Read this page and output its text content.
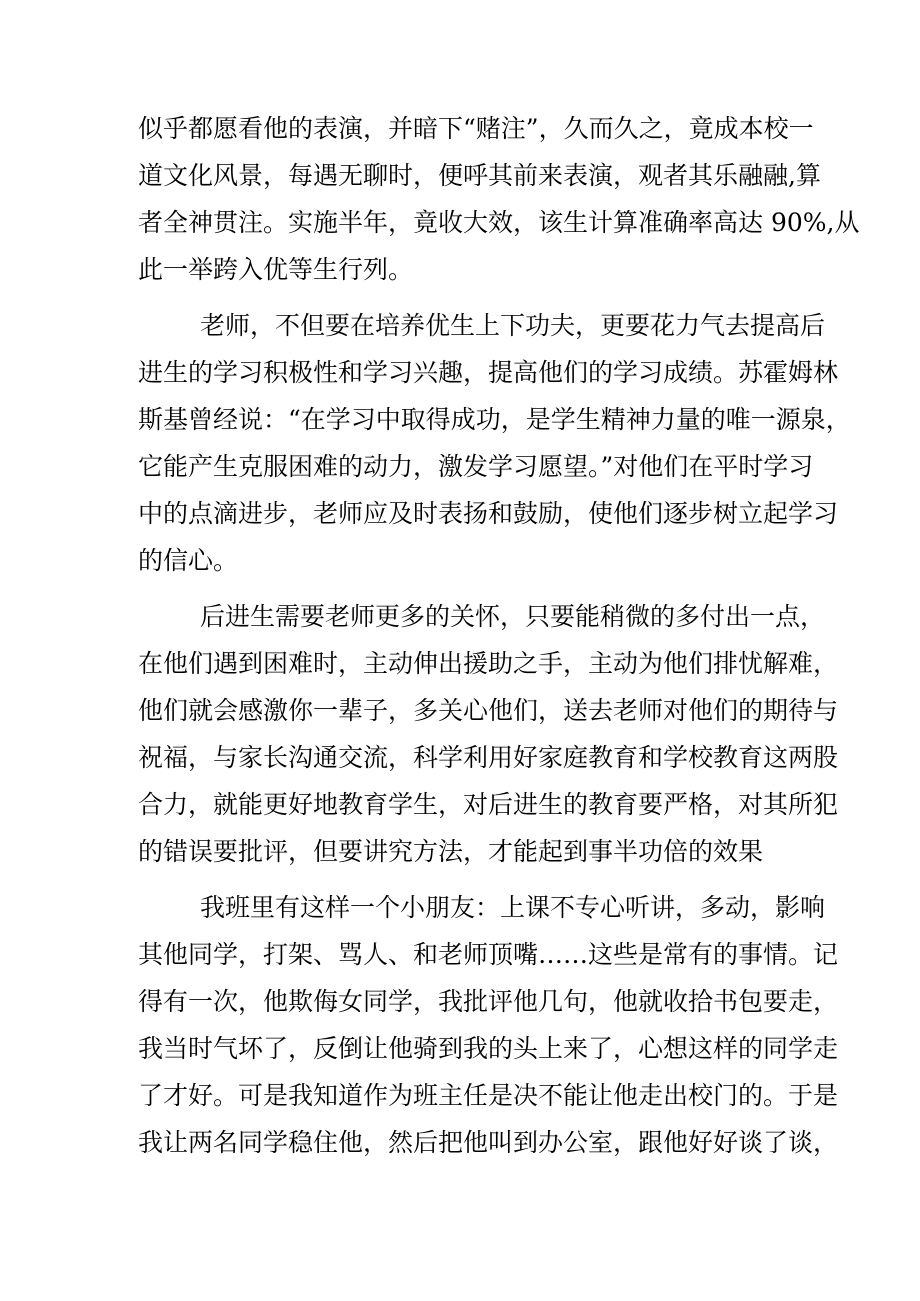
似乎都愿看他的表演，并暗下“赌注”，久而久之，竟成本校一
道文化风景，每遇无聊时，便呼其前来表演，观者其乐融融,算
者全神贯注。实施半年，竟收大效，该生计算准确率高达 90%,从
此一举跨入优等生行列。
老师，不但要在培养优生上下功夫，更要花力气去提高后
进生的学习积极性和学习兴趣，提高他们的学习成绩。苏霍姆林
斯基曾经说：“在学习中取得成功，是学生精神力量的唯一源泉，
它能产生克服困难的动力，激发学习愿望。”对他们在平时学习
中的点滴进步，老师应及时表扬和鼓励，使他们逐步树立起学习
的信心。
后进生需要老师更多的关怀，只要能稍微的多付出一点，
在他们遇到困难时，主动伸出援助之手，主动为他们排忧解难，
他们就会感激你一辈子，多关心他们，送去老师对他们的期待与
祝福，与家长沟通交流，科学利用好家庭教育和学校教育这两股
合力，就能更好地教育学生，对后进生的教育要严格，对其所犯
的错误要批评，但要讲究方法，才能起到事半功倍的效果
我班里有这样一个小朋友：上课不专心听讲，多动，影响
其他同学，打架、骂人、和老师顶嘴……这些是常有的事情。记
得有一次，他欺侮女同学，我批评他几句，他就收拾书包要走，
我当时气坏了，反倒让他骑到我的头上来了，心想这样的同学走
了才好。可是我知道作为班主任是决不能让他走出校门的。于是
我让两名同学稳住他，然后把他叫到办公室，跟他好好谈了谈，
